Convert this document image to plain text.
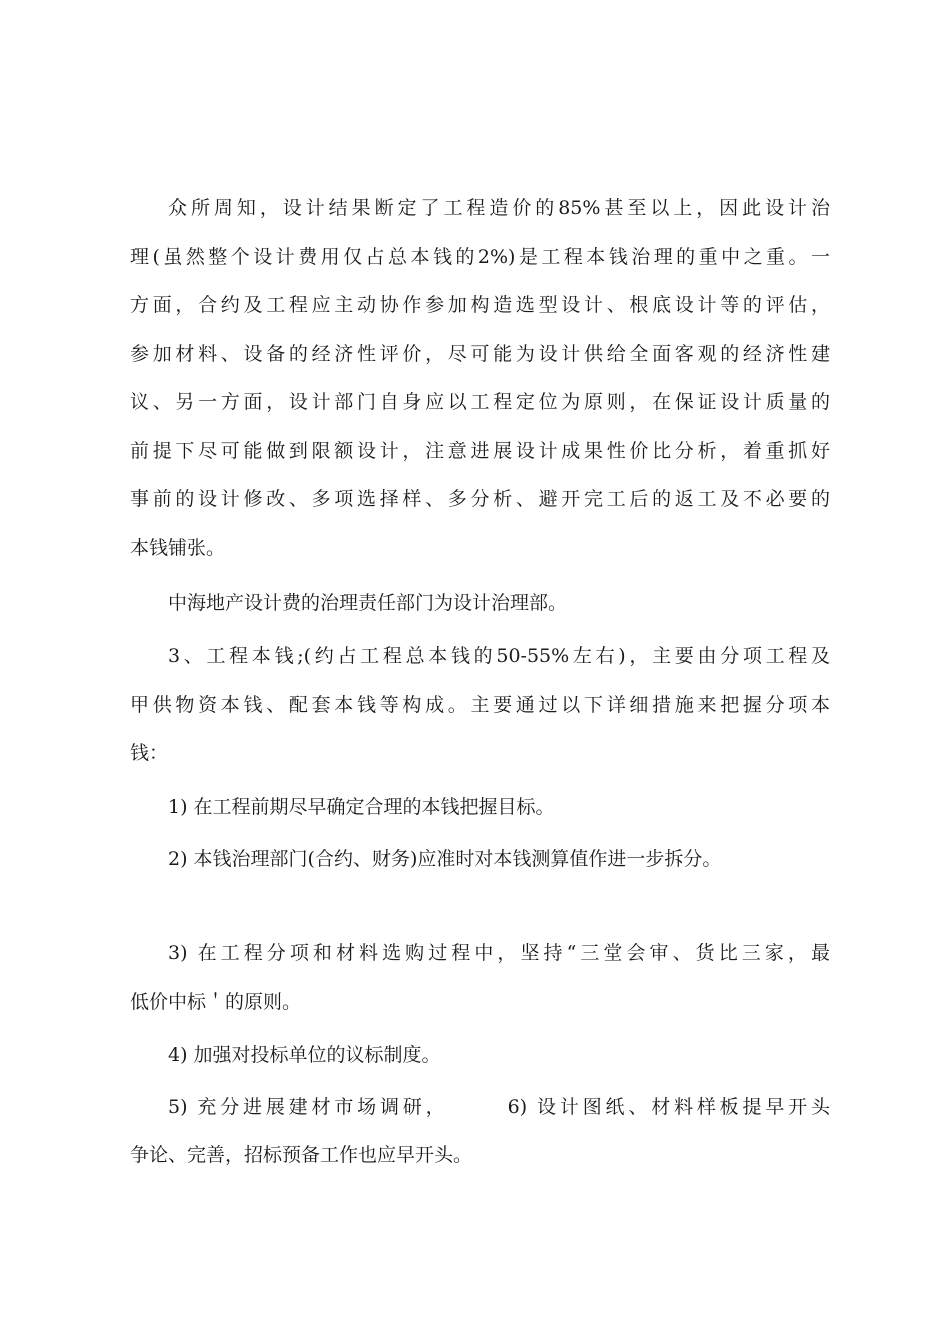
众所周知，设计结果断定了工程造价的85%甚至以上，因此设计治
理(虽然整个设计费用仅占总本钱的2%)是工程本钱治理的重中之重。一
方面，合约及工程应主动协作参加构造选型设计、根底设计等的评估，
参加材料、设备的经济性评价，尽可能为设计供给全面客观的经济性建
议、另一方面，设计部门自身应以工程定位为原则，在保证设计质量的
前提下尽可能做到限额设计，注意进展设计成果性价比分析，着重抓好
事前的设计修改、多项选择样、多分析、避开完工后的返工及不必要的
本钱铺张。
中海地产设计费的治理责任部门为设计治理部。
3、工程本钱;(约占工程总本钱的50-55%左右)，主要由分项工程及
甲供物资本钱、配套本钱等构成。主要通过以下详细措施来把握分项本
钱：
1) 在工程前期尽早确定合理的本钱把握目标。
2) 本钱治理部门(合约、财务)应准时对本钱测算值作进一步拆分。
3) 在工程分项和材料选购过程中，坚持“三堂会审、货比三家，最
低价中标＇的原则。
4) 加强对投标单位的议标制度。
5) 充分进展建材市场调研，      6) 设计图纸、材料样板提早开头
争论、完善，招标预备工作也应早开头。
